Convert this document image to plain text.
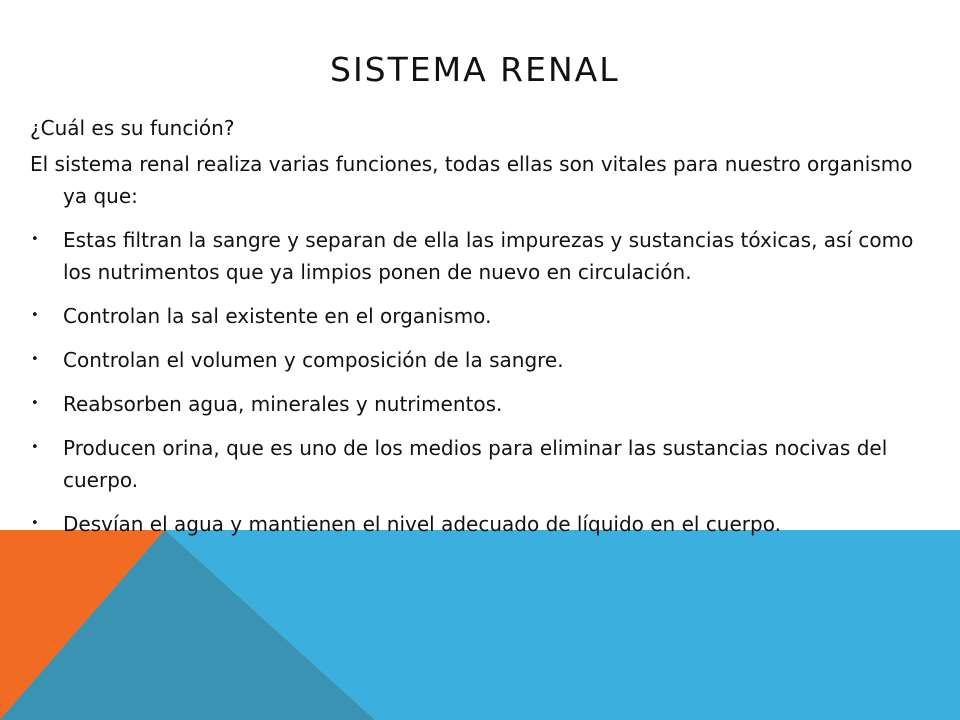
SISTEMA RENAL

¿Cuál es su función?

El sistema renal realiza varias funciones, todas ellas son vitales para nuestro organismo ya que:

• Estas filtran la sangre y separan de ella las impurezas y sustancias tóxicas, así como los nutrimentos que ya limpios ponen de nuevo en circulación.
• Controlan la sal existente en el organismo.
• Controlan el volumen y composición de la sangre.
• Reabsorben agua, minerales y nutrimentos.
• Producen orina, que es uno de los medios para eliminar las sustancias nocivas del cuerpo.
• Desvían el agua y mantienen el nivel adecuado de líquido en el cuerpo.
